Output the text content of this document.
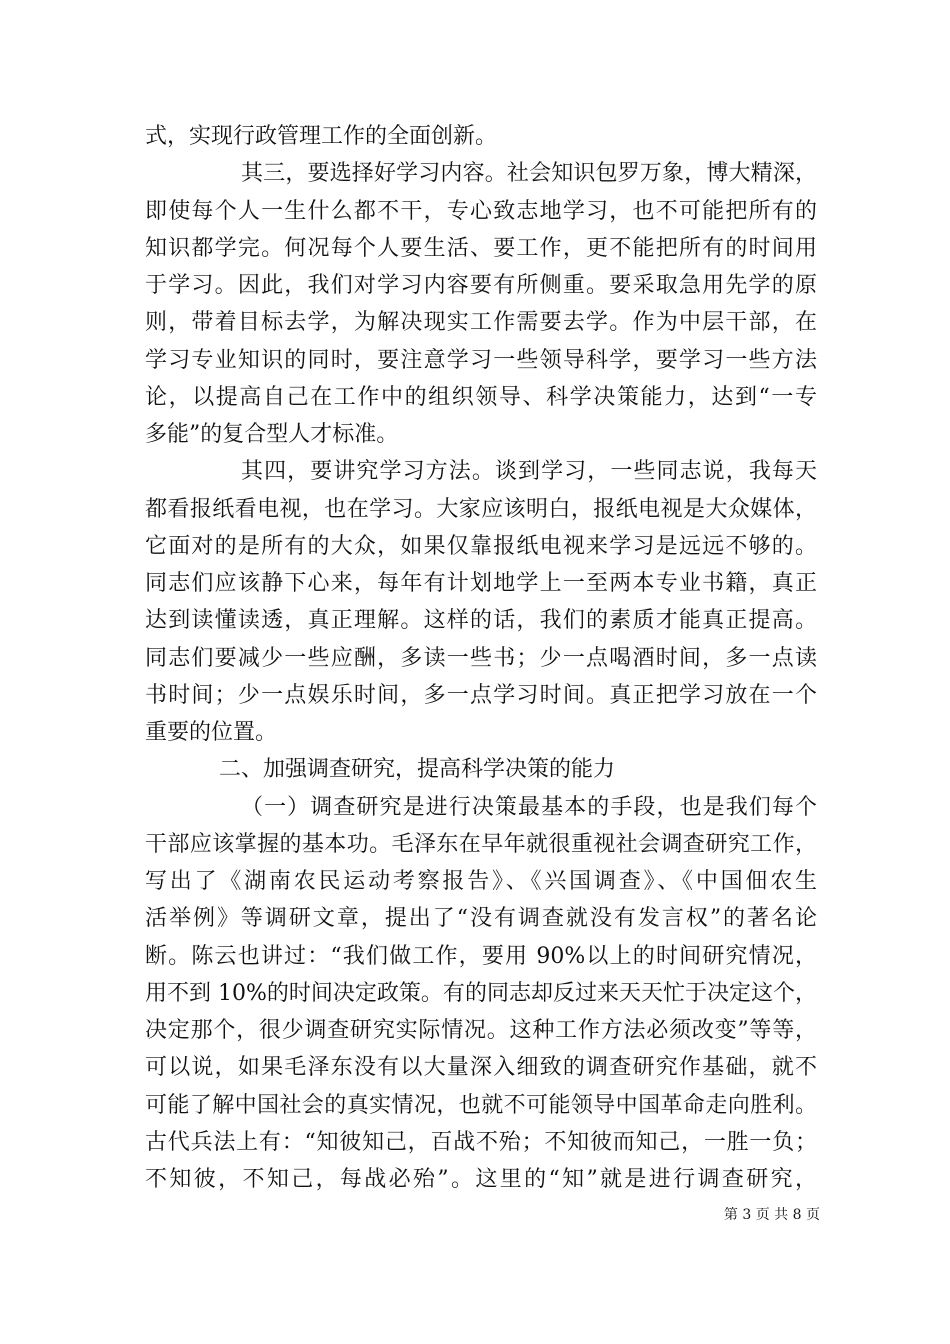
式，实现行政管理工作的全面创新。
其三，要选择好学习内容。社会知识包罗万象，博大精深，
即使每个人一生什么都不干，专心致志地学习，也不可能把所有的
知识都学完。何况每个人要生活、要工作，更不能把所有的时间用
于学习。因此，我们对学习内容要有所侧重。要采取急用先学的原
则，带着目标去学，为解决现实工作需要去学。作为中层干部，在
学习专业知识的同时，要注意学习一些领导科学，要学习一些方法
论，以提高自己在工作中的组织领导、科学决策能力，达到“一专
多能”的复合型人才标准。
其四，要讲究学习方法。谈到学习，一些同志说，我每天
都看报纸看电视，也在学习。大家应该明白，报纸电视是大众媒体，
它面对的是所有的大众，如果仅靠报纸电视来学习是远远不够的。
同志们应该静下心来，每年有计划地学上一至两本专业书籍，真正
达到读懂读透，真正理解。这样的话，我们的素质才能真正提高。
同志们要减少一些应酬，多读一些书；少一点喝酒时间，多一点读
书时间；少一点娱乐时间，多一点学习时间。真正把学习放在一个
重要的位置。
二、加强调查研究，提高科学决策的能力
（一）调查研究是进行决策最基本的手段，也是我们每个
干部应该掌握的基本功。毛泽东在早年就很重视社会调查研究工作，
写出了《湖南农民运动考察报告》、《兴国调查》、《中国佃农生
活举例》等调研文章，提出了“没有调查就没有发言权”的著名论
断。陈云也讲过：“我们做工作，要用 90%以上的时间研究情况，
用不到 10%的时间决定政策。有的同志却反过来天天忙于决定这个，
决定那个，很少调查研究实际情况。这种工作方法必须改变”等等，
可以说，如果毛泽东没有以大量深入细致的调查研究作基础，就不
可能了解中国社会的真实情况，也就不可能领导中国革命走向胜利。
古代兵法上有：“知彼知己，百战不殆；不知彼而知己，一胜一负；
不知彼，不知己，每战必殆”。这里的“知”就是进行调查研究，
第 3 页 共 8 页
